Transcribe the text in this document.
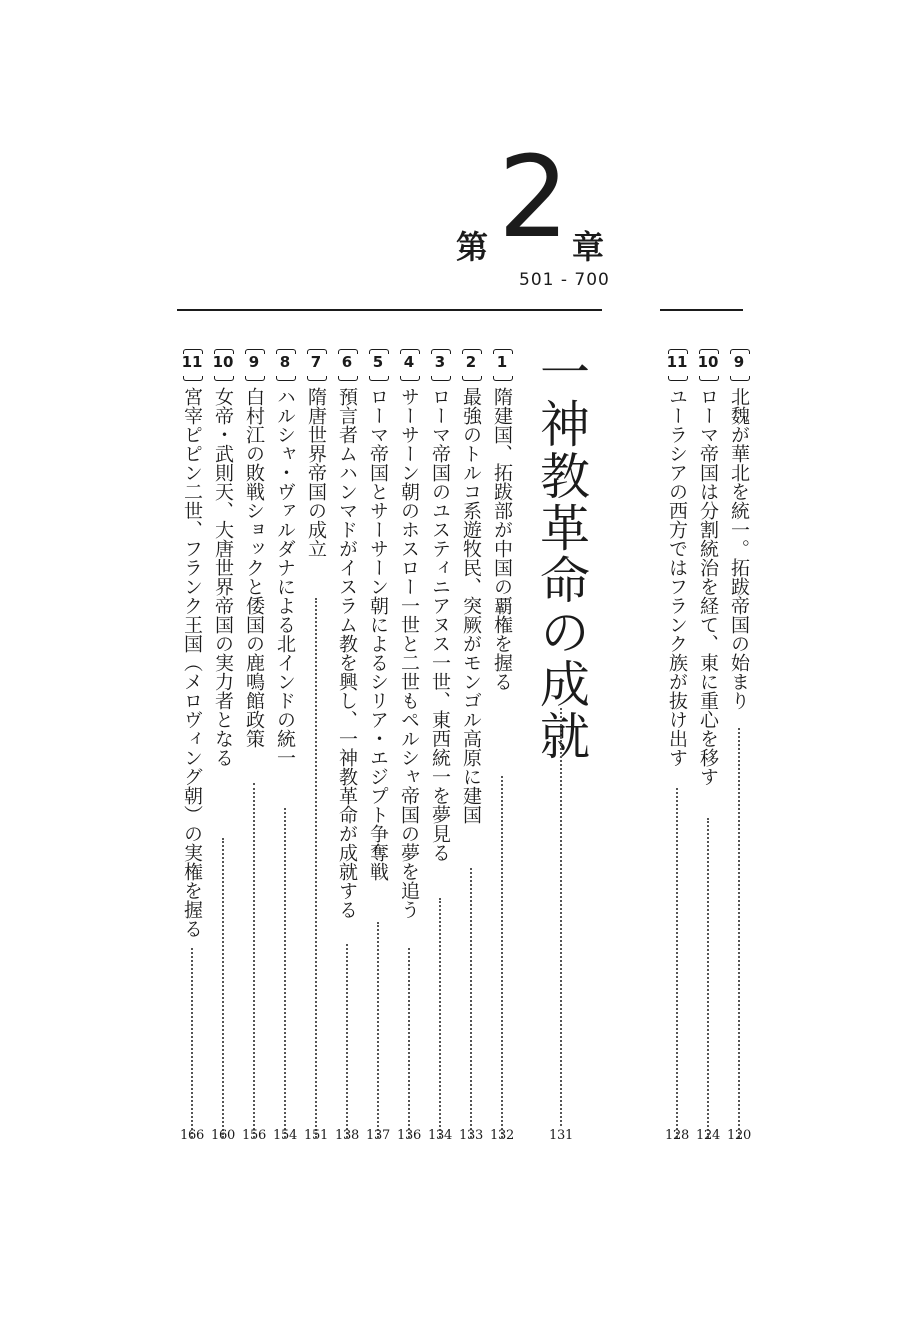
第 2 章
501 - 700
9
北魏が華北を統一。拓跋帝国の始まり
120
10
ローマ帝国は分割統治を経て、東に重心を移す
124
11
ユーラシアの西方ではフランク族が抜け出す
128
一神教革命の成就
131
1
隋建国、拓跋部が中国の覇権を握る
132
2
最強のトルコ系遊牧民、突厥がモンゴル高原に建国
133
3
ローマ帝国のユスティニアヌス一世、東西統一を夢見る
134
4
サーサーン朝のホスロー一世と二世もペルシャ帝国の夢を追う
136
5
ローマ帝国とサーサーン朝によるシリア・エジプト争奪戦
137
6
預言者ムハンマドがイスラム教を興し、一神教革命が成就する
138
7
隋唐世界帝国の成立
151
8
ハルシャ・ヴァルダナによる北インドの統一
154
9
白村江の敗戦ショックと倭国の鹿鳴館政策
156
10
女帝・武則天、大唐世界帝国の実力者となる
160
11
宮宰ピピン二世、フランク王国（メロヴィング朝）の実権を握る
166
